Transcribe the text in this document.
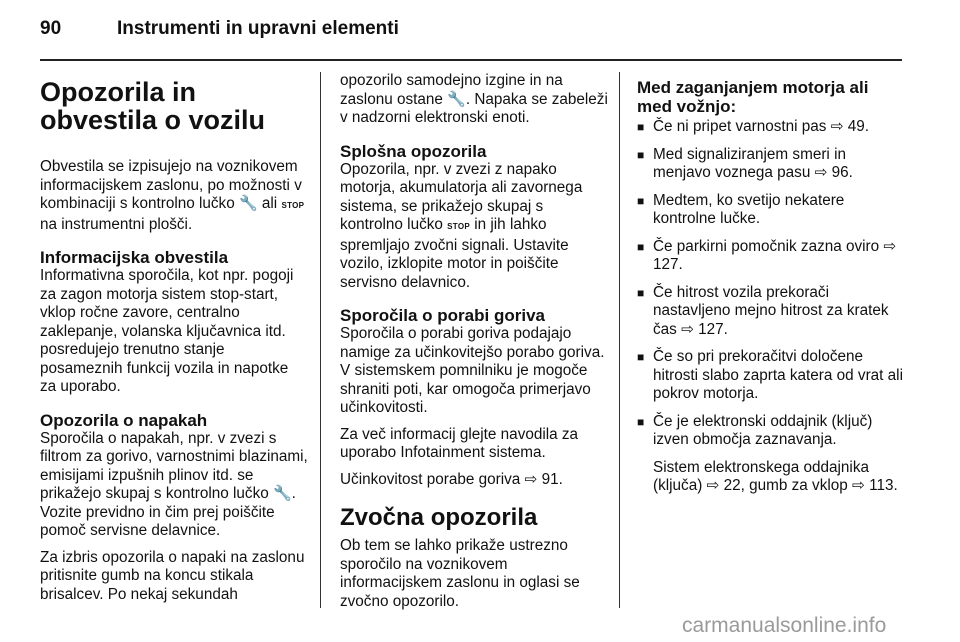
90	Instrumenti in upravni elementi
Opozorila in obvestila o vozilu

Obvestila se izpisujejo na voznikovem informacijskem zaslonu, po možnosti v kombinaciji s kontrolno lučko 🔧 ali STOP na instrumentni plošči.

Informacijska obvestila

Informativna sporočila, kot npr. pogoji za zagon motorja sistem stop-start, vklop ročne zavore, centralno zaklepanje, volanska ključavnica itd. posredujejo trenutno stanje posameznih funkcij vozila in napotke za uporabo.

Opozorila o napakah

Sporočila o napakah, npr. v zvezi s filtrom za gorivo, varnostnimi blazinami, emisijami izpušnih plinov itd. se prikažejo skupaj s kontrolno lučko 🔧. Vozite previdno in čim prej poiščite pomoč servisne delavnice.

Za izbris opozorila o napaki na zaslonu pritisnite gumb na koncu stikala brisalcev. Po nekaj sekundah

opozorilo samodejno izgine in na zaslonu ostane 🔧. Napaka se zabeleži v nadzorni elektronski enoti.

Splošna opozorila

Opozorila, npr. v zvezi z napako motorja, akumulatorja ali zavornega sistema, se prikažejo skupaj s kontrolno lučko STOP in jih lahko spremljajo zvočni signali. Ustavite vozilo, izklopite motor in poiščite servisno delavnico.

Sporočila o porabi goriva

Sporočila o porabi goriva podajajo namige za učinkovitejšo porabo goriva. V sistemskem pomnilniku je mogoče shraniti poti, kar omogoča primerjavo učinkovitosti.

Za več informacij glejte navodila za uporabo Infotainment sistema.

Učinkovitost porabe goriva ⇨ 91.

Zvočna opozorila

Ob tem se lahko prikaže ustrezno sporočilo na voznikovem informacijskem zaslonu in oglasi se zvočno opozorilo.

Med zaganjanjem motorja ali med vožnjo:
■ Če ni pripet varnostni pas ⇨ 49.
■ Med signaliziranjem smeri in menjavo voznega pasu ⇨ 96.
■ Medtem, ko svetijo nekatere kontrolne lučke.
■ Če parkirni pomočnik zazna oviro ⇨ 127.
■ Če hitrost vozila prekorači nastavljeno mejno hitrost za kratek čas ⇨ 127.
■ Če so pri prekoračitvi določene hitrosti slabo zaprta katera od vrat ali pokrov motorja.
■ Če je elektronski oddajnik (ključ) izven območja zaznavanja.

Sistem elektronskega oddajnika (ključa) ⇨ 22, gumb za vklop ⇨ 113.

carmanualsonline.info
